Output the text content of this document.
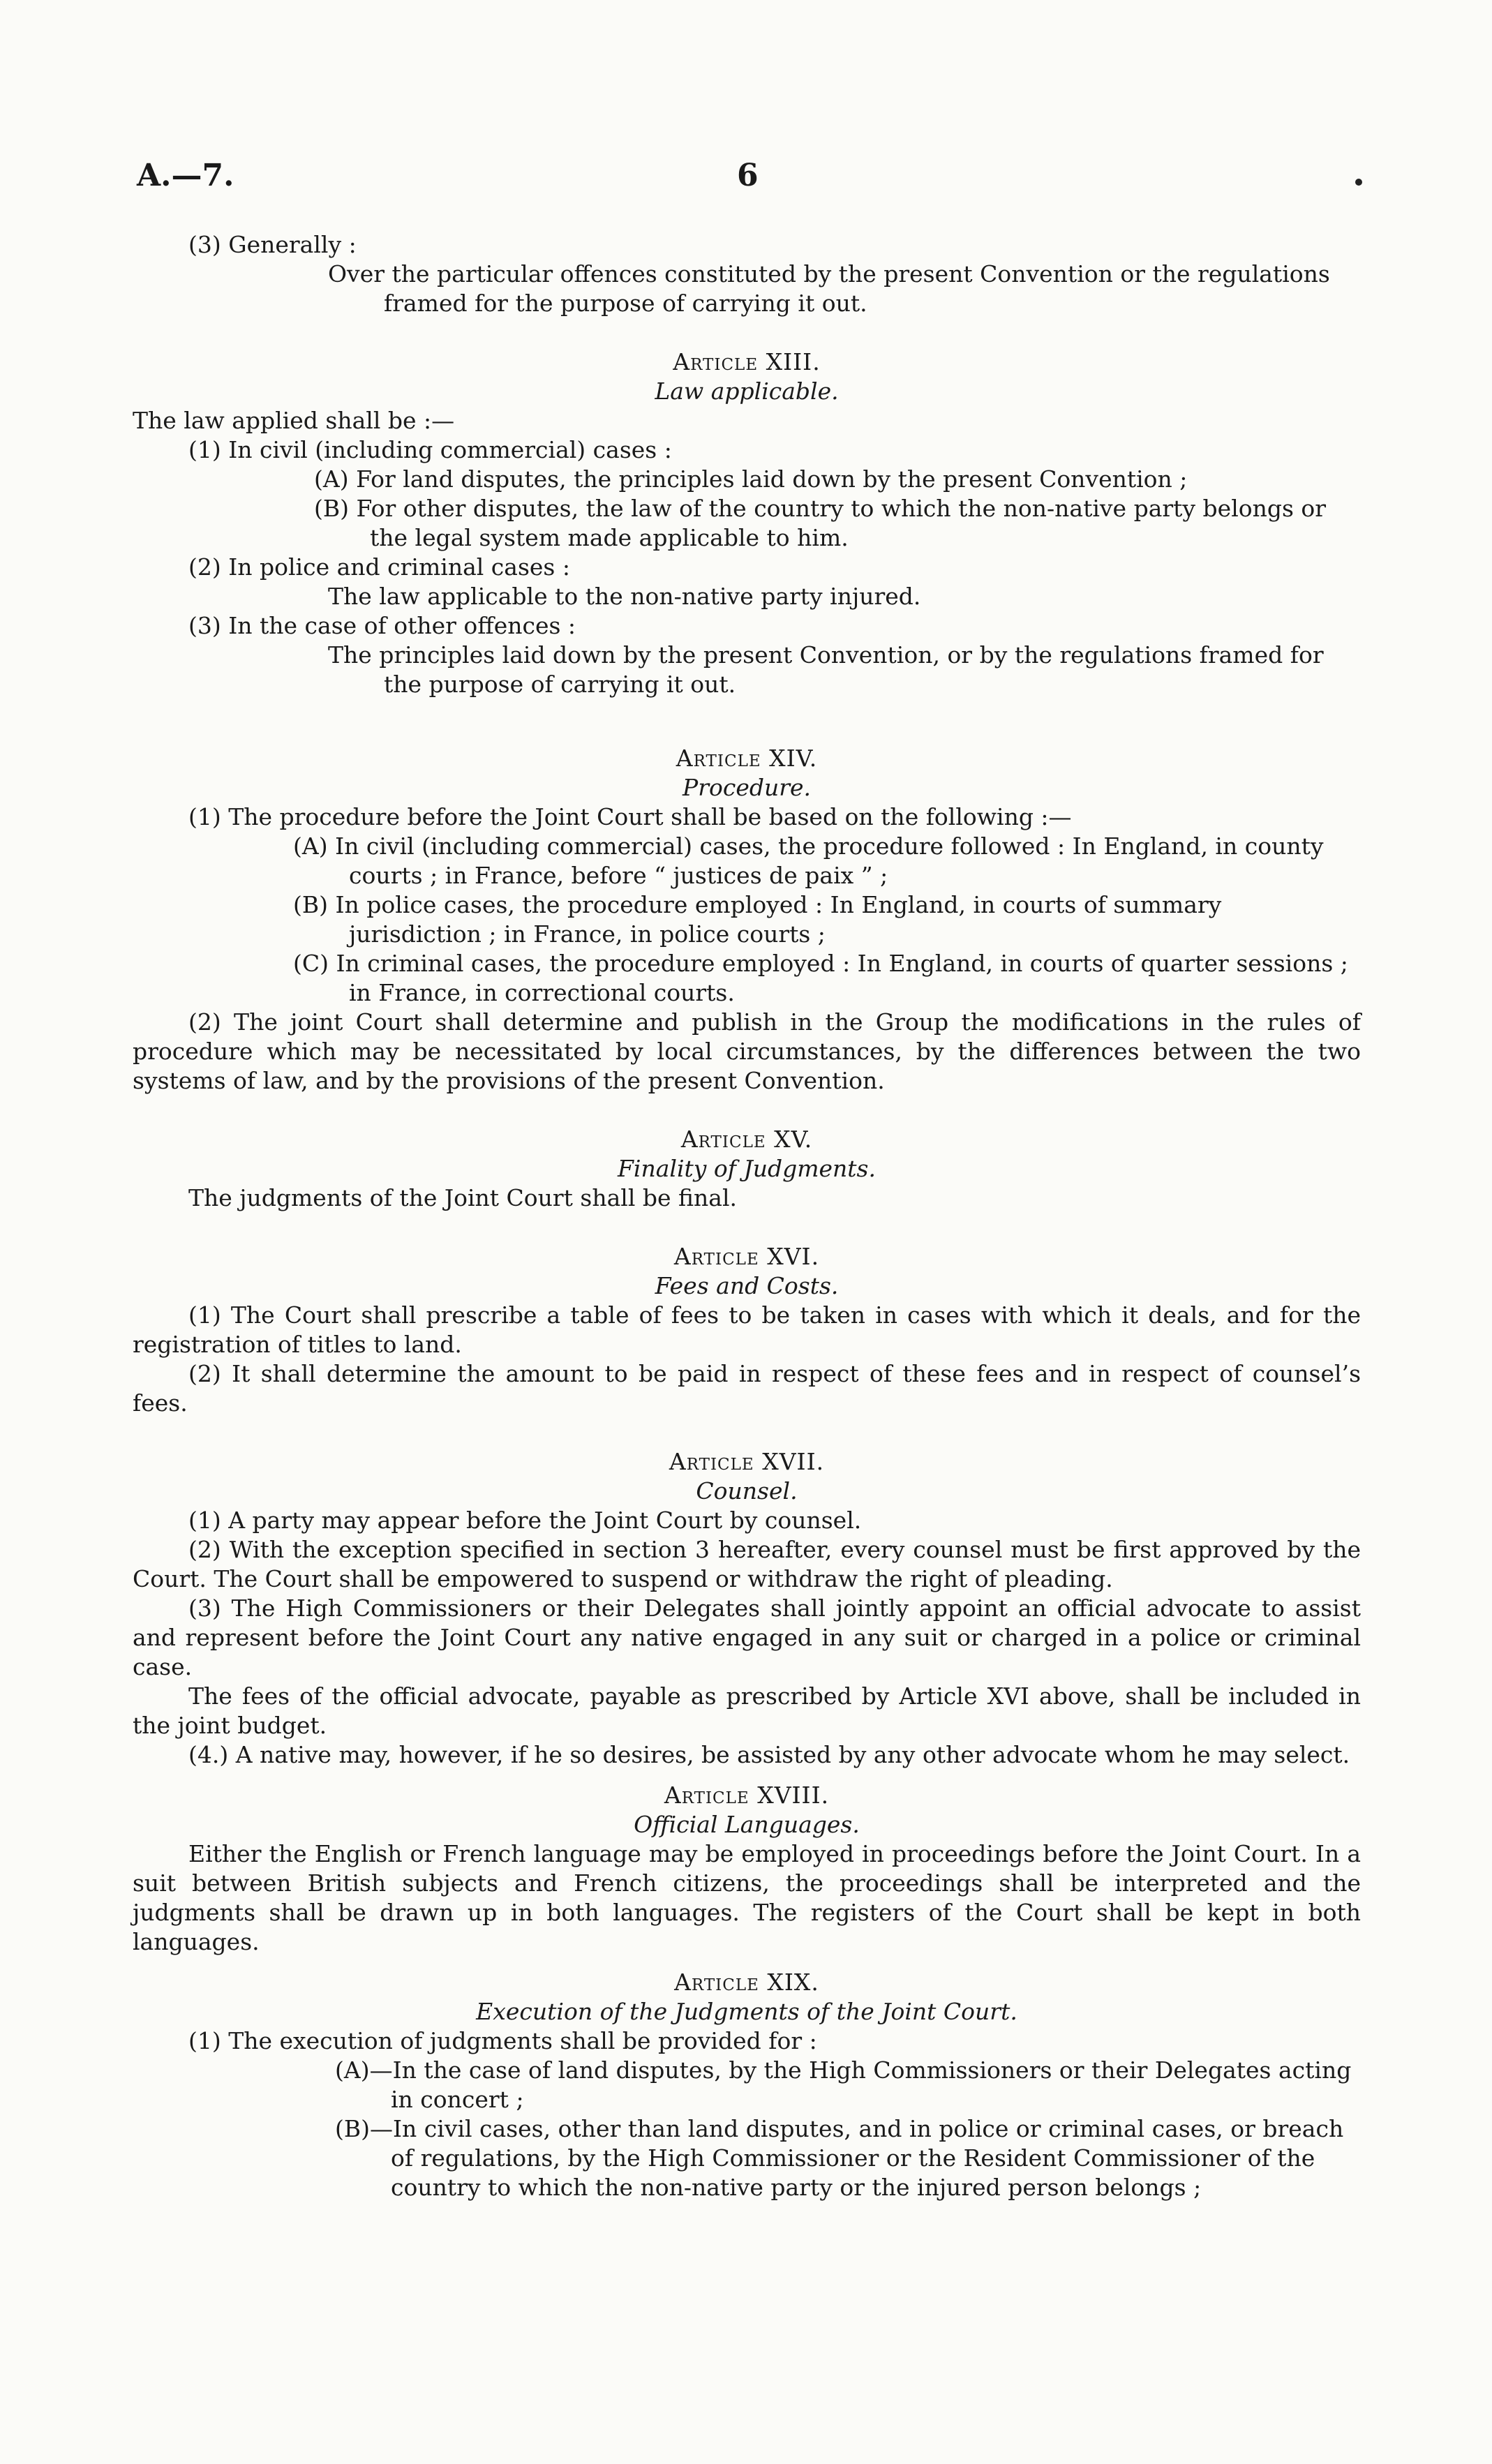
A.—7.	6

(3) Generally :

Over the particular offences constituted by the present Convention or the regulations framed for the purpose of carrying it out.

Article XIII.

Law applicable.

The law applied shall be :—

(1) In civil (including commercial) cases :

(A) For land disputes, the principles laid down by the present Convention ;

(B) For other disputes, the law of the country to which the non-native party belongs or the legal system made applicable to him.

(2) In police and criminal cases :

The law applicable to the non-native party injured.

(3) In the case of other offences :

The principles laid down by the present Convention, or by the regulations framed for the purpose of carrying it out.

Article XIV.

Procedure.

(1) The procedure before the Joint Court shall be based on the following :—

(A) In civil (including commercial) cases, the procedure followed : In England, in county courts ; in France, before “ justices de paix ” ;

(B) In police cases, the procedure employed : In England, in courts of summary jurisdiction ; in France, in police courts ;

(C) In criminal cases, the procedure employed : In England, in courts of quarter sessions ; in France, in correctional courts.

(2) The joint Court shall determine and publish in the Group the modifications in the rules of procedure which may be necessitated by local circumstances, by the differences between the two systems of law, and by the provisions of the present Convention.

Article XV.

Finality of Judgments.

The judgments of the Joint Court shall be final.

Article XVI.

Fees and Costs.

(1) The Court shall prescribe a table of fees to be taken in cases with which it deals, and for the registration of titles to land.

(2) It shall determine the amount to be paid in respect of these fees and in respect of counsel’s fees.

Article XVII.

Counsel.

(1) A party may appear before the Joint Court by counsel.

(2) With the exception specified in section 3 hereafter, every counsel must be first approved by the Court. The Court shall be empowered to suspend or withdraw the right of pleading.

(3) The High Commissioners or their Delegates shall jointly appoint an official advocate to assist and represent before the Joint Court any native engaged in any suit or charged in a police or criminal case.

The fees of the official advocate, payable as prescribed by Article XVI above, shall be included in the joint budget.

(4.) A native may, however, if he so desires, be assisted by any other advocate whom he may select.

Article XVIII.

Official Languages.

Either the English or French language may be employed in proceedings before the Joint Court. In a suit between British subjects and French citizens, the proceedings shall be interpreted and the judgments shall be drawn up in both languages. The registers of the Court shall be kept in both languages.

Article XIX.

Execution of the Judgments of the Joint Court.

(1) The execution of judgments shall be provided for :

(A)—In the case of land disputes, by the High Commissioners or their Delegates acting in concert ;

(B)—In civil cases, other than land disputes, and in police or criminal cases, or breach of regulations, by the High Commissioner or the Resident Commissioner of the country to which the non-native party or the injured person belongs ;
